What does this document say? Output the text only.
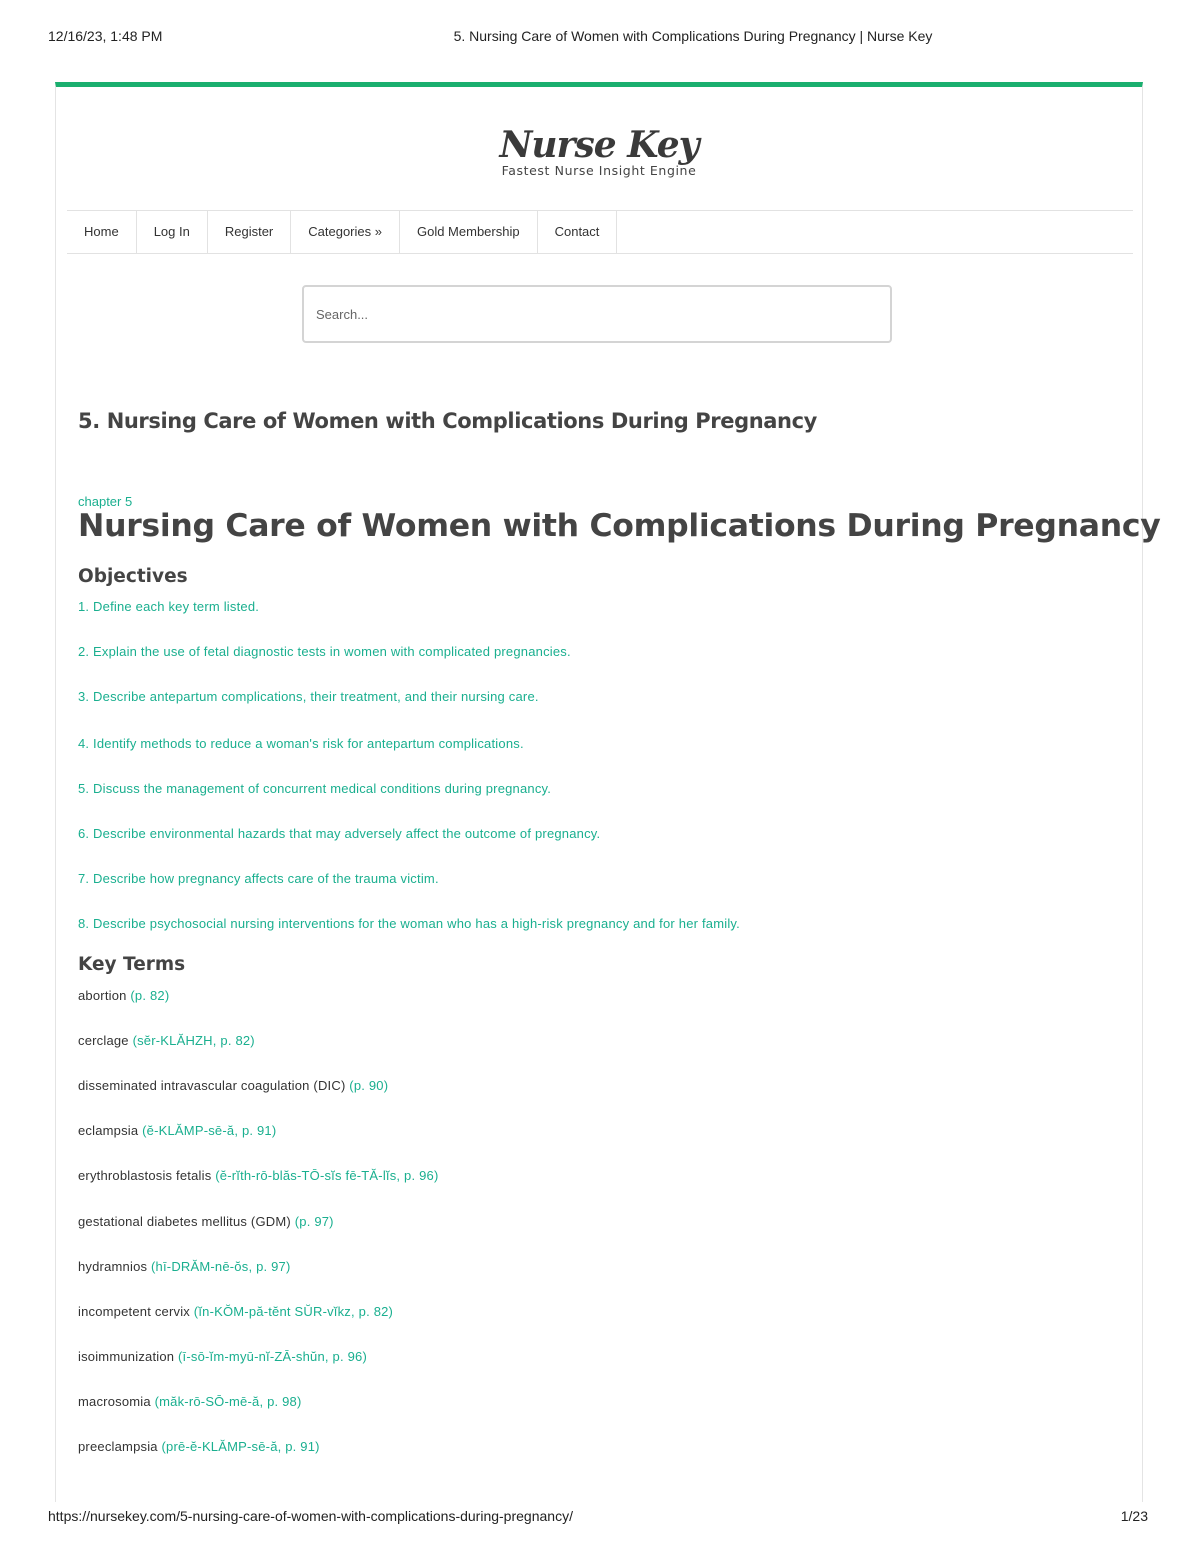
12/16/23, 1:48 PM	5. Nursing Care of Women with Complications During Pregnancy | Nurse Key
Nurse Key
Fastest Nurse Insight Engine
Home	Log In	Register	Categories »	Gold Membership	Contact
Search...
5. Nursing Care of Women with Complications During Pregnancy
chapter 5
Nursing Care of Women with Complications During Pregnancy
Objectives
1. Define each key term listed.
2. Explain the use of fetal diagnostic tests in women with complicated pregnancies.
3. Describe antepartum complications, their treatment, and their nursing care.
4. Identify methods to reduce a woman's risk for antepartum complications.
5. Discuss the management of concurrent medical conditions during pregnancy.
6. Describe environmental hazards that may adversely affect the outcome of pregnancy.
7. Describe how pregnancy affects care of the trauma victim.
8. Describe psychosocial nursing interventions for the woman who has a high-risk pregnancy and for her family.
Key Terms
abortion (p. 82)
cerclage (sĕr-KLĂHZH, p. 82)
disseminated intravascular coagulation (DIC) (p. 90)
eclampsia (ĕ-KLĂMP-sē-ă, p. 91)
erythroblastosis fetalis (ĕ-rĭth-rō-blăs-TŌ-sĭs fē-TĂ-lĭs, p. 96)
gestational diabetes mellitus (GDM) (p. 97)
hydramnios (hī-DRĂM-nē-ŏs, p. 97)
incompetent cervix (ĭn-KŎM-pă-tĕnt SŬR-vĭkz, p. 82)
isoimmunization (ī-sō-ĭm-myū-nĭ-ZĀ-shŭn, p. 96)
macrosomia (măk-rō-SŌ-mē-ă, p. 98)
preeclampsia (prē-ĕ-KLĂMP-sē-ă, p. 91)
https://nursekey.com/5-nursing-care-of-women-with-complications-during-pregnancy/	1/23
